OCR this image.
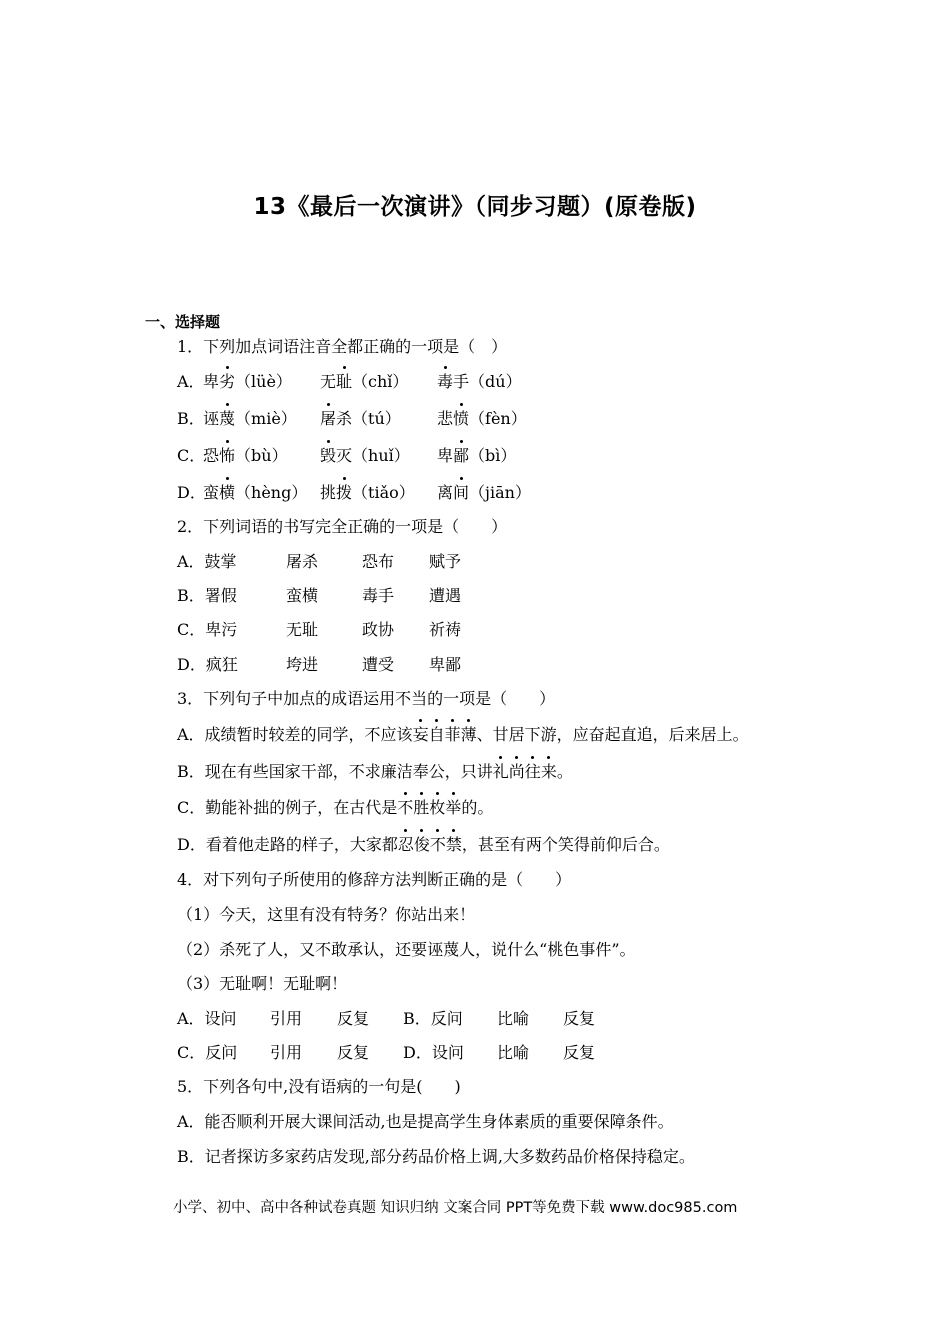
13《最后一次演讲》（同步习题）(原卷版)
一、选择题
1．下列加点词语注音全都正确的一项是（　）
A．
卑劣（lüè） 无耻（chǐ） 毒手（dú）
B．
诬蔑（miè） 屠杀（tú） 悲愤（fèn）
C．
恐怖（bù） 毁灭（huǐ） 卑鄙（bì）
D．
蛮横（hèng） 挑拨（tiǎo） 离间（jiān）
2．下列词语的书写完全正确的一项是（　　）
A．鼓掌	屠杀	恐布 赋予
B．署假	蛮横	毒手 遭遇
C．卑污	无耻	政协 祈祷
D．疯狂	垮进	遭受 卑鄙
3．下列句子中加点的成语运用不当的一项是（　　）
A．成绩暂时较差的同学，不应该妄自菲薄、甘居下游，应奋起直追，后来居上。
B．现在有些国家干部，不求廉洁奉公，只讲礼尚往来。
C．勤能补拙的例子，在古代是不胜枚举的。
D．看着他走路的样子，大家都忍俊不禁，甚至有两个笑得前仰后合。
4．对下列句子所使用的修辞方法判断正确的是（　　）
（1）今天，这里有没有特务？你站出来！
（2）杀死了人，又不敢承认，还要诬蔑人，说什么“桃色事件”。
（3）无耻啊！无耻啊！
A．设问 引用 反复 B．反问 比喻 反复
C．反问 引用 反复 D．设问 比喻 反复
5．下列各句中,没有语病的一句是(　　)
A．能否顺利开展大课间活动,也是提高学生身体素质的重要保障条件。
B．记者探访多家药店发现,部分药品价格上调,大多数药品价格保持稳定。
小学、初中、高中各种试卷真题 知识归纳 文案合同 PPT等免费下载 www.doc985.com
